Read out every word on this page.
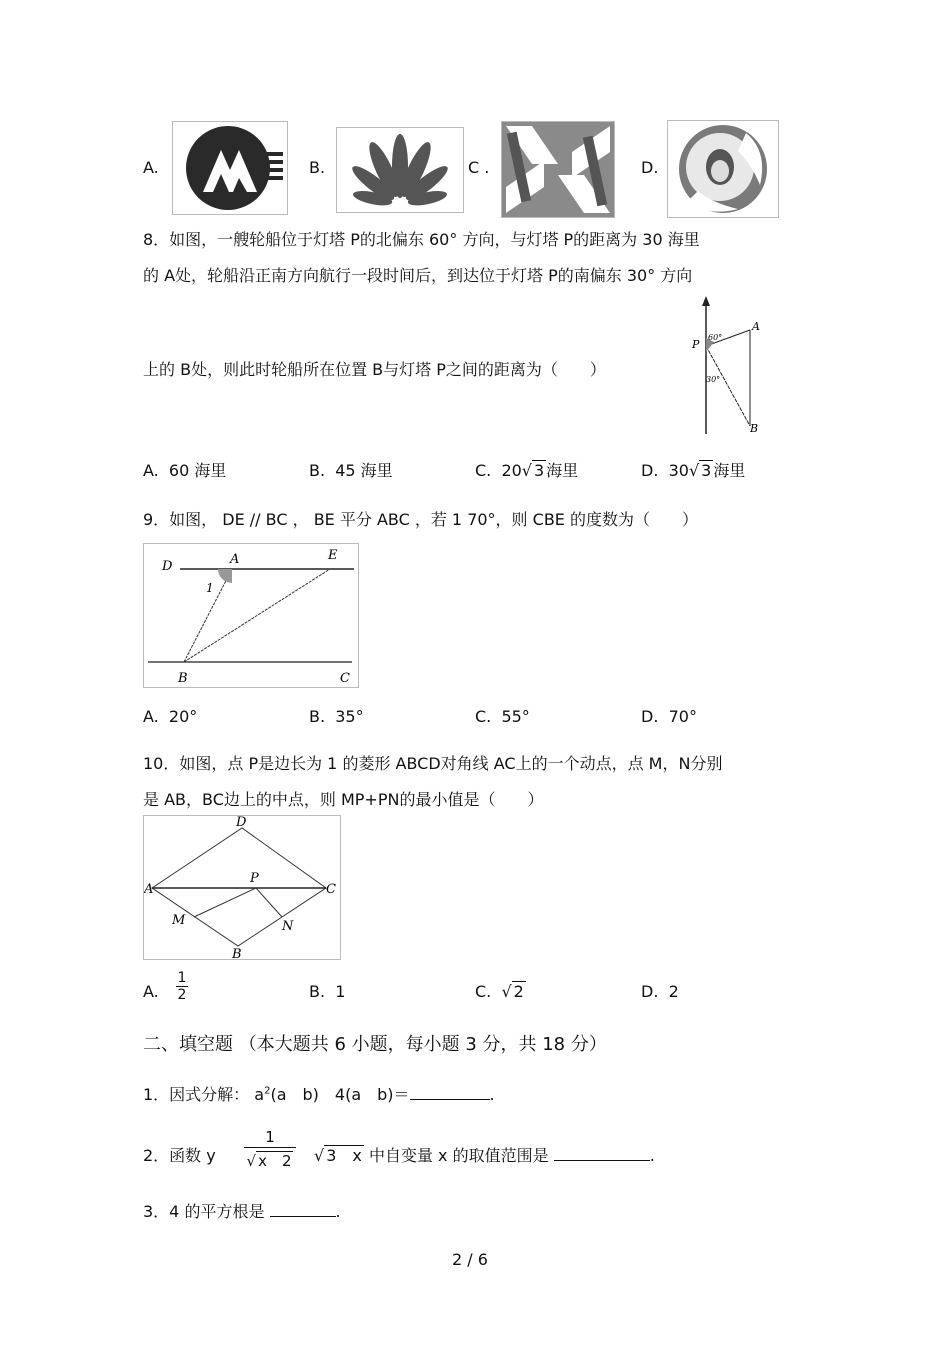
A.	B.	C .	D.
8．如图，一艘轮船位于灯塔 P的北偏东 60° 方向，与灯塔 P的距离为 30 海里
的 A处，轮船沿正南方向航行一段时间后，到达位于灯塔 P的南偏东 30° 方向
上的 B处，则此时轮船所在位置 B与灯塔 P之间的距离为（　　）
A
P
B
60°
30°
A. 60 海里	B. 45 海里	C. 20√ 3 海里	D. 30√ 3 海里
9．如图， DE // BC ， BE 平分 ABC ，若 1 70°，则 CBE 的度数为（　　）
D	A	E
1
B	C
A. 20°	B. 35°	C. 55°	D. 70°
10．如图，点 P是边长为 1 的菱形 ABCD对角线 AC上的一个动点，点 M，N分别
是 AB，BC边上的中点，则 MP+PN的最小值是（　　）
D
A
P
C
M	N
B
A.
1
2	B. 1	C. √ 2	D. 2
二、填空题 （本大题共 6 小题，每小题 3 分，共 18 分）
1．因式分解： $a^2(a$　b)　4(a　b)＝	.
2．函数 y
1
√ x　2 √ 3　x 中自变量 x 的取值范围是	.
3．4 的平方根是	.
2 / 6
